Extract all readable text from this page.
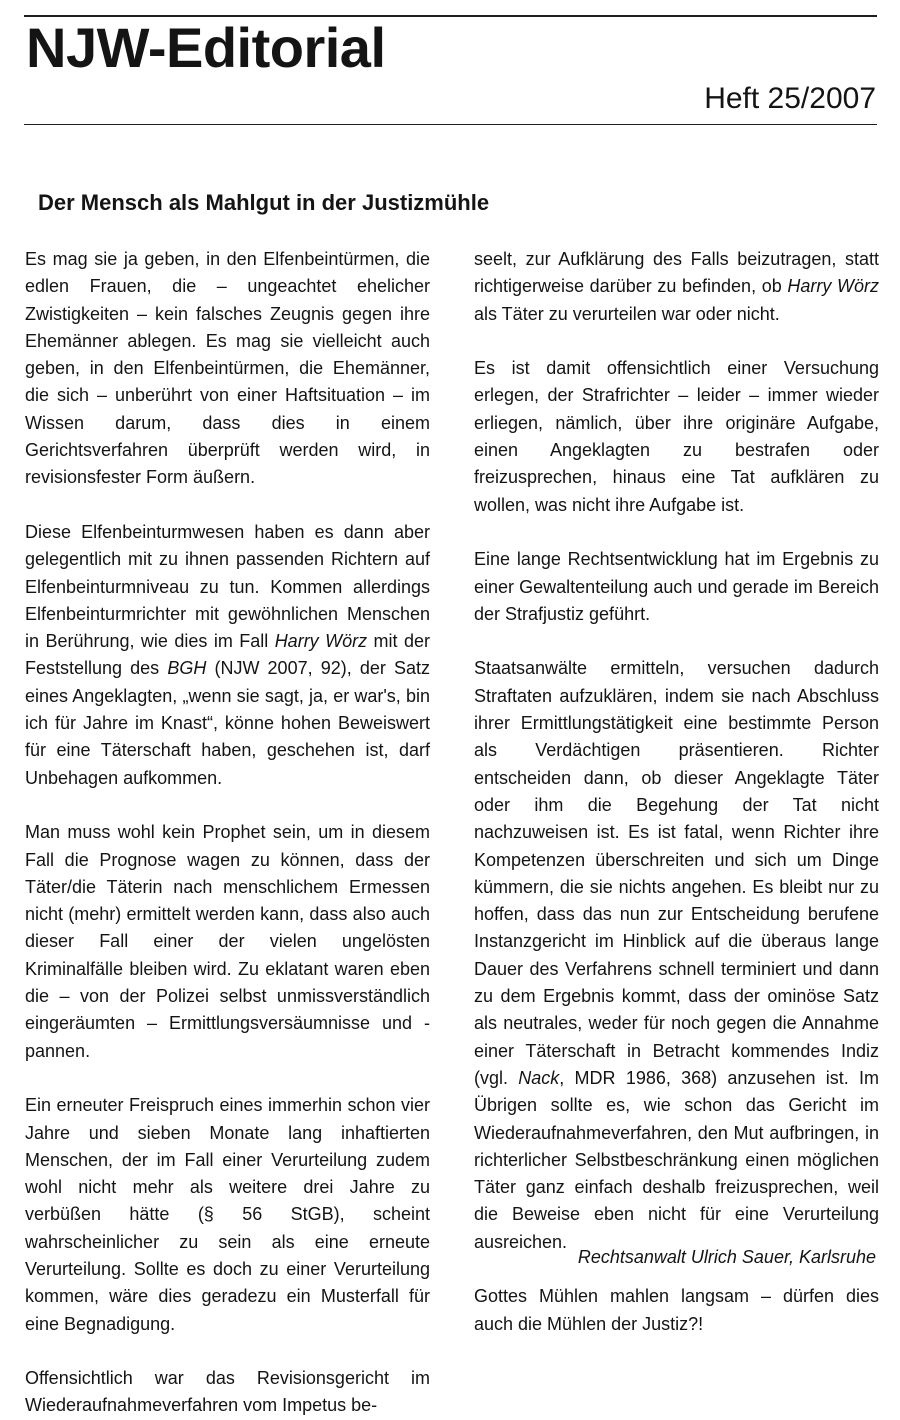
NJW-Editorial
Heft 25/2007
Der Mensch als Mahlgut in der Justizmühle

Es mag sie ja geben, in den Elfenbeintürmen, die edlen Frauen, die – ungeachtet ehelicher Zwistigkeiten – kein falsches Zeugnis gegen ihre Ehemänner ablegen. Es mag sie vielleicht auch geben, in den Elfenbeintürmen, die Ehemänner, die sich – unberührt von einer Haftsituation – im Wissen darum, dass dies in einem Gerichtsverfahren überprüft werden wird, in revisionsfester Form äußern.

Diese Elfenbeinturmwesen haben es dann aber gelegentlich mit zu ihnen passenden Richtern auf Elfenbeinturmniveau zu tun. Kommen allerdings Elfenbeinturmrichter mit gewöhnlichen Menschen in Berührung, wie dies im Fall Harry Wörz mit der Feststellung des BGH (NJW 2007, 92), der Satz eines Angeklagten, „wenn sie sagt, ja, er war's, bin ich für Jahre im Knast“, könne hohen Beweiswert für eine Täterschaft haben, geschehen ist, darf Unbehagen aufkommen.

Man muss wohl kein Prophet sein, um in diesem Fall die Prognose wagen zu können, dass der Täter/die Täterin nach menschlichem Ermessen nicht (mehr) ermittelt werden kann, dass also auch dieser Fall einer der vielen ungelösten Kriminalfälle bleiben wird. Zu eklatant waren eben die – von der Polizei selbst unmissverständlich eingeräumten – Ermittlungsversäumnisse und -pannen.

Ein erneuter Freispruch eines immerhin schon vier Jahre und sieben Monate lang inhaftierten Menschen, der im Fall einer Verurteilung zudem wohl nicht mehr als weitere drei Jahre zu verbüßen hätte (§ 56 StGB), scheint wahrscheinlicher zu sein als eine erneute Verurteilung. Sollte es doch zu einer Verurteilung kommen, wäre dies geradezu ein Musterfall für eine Begnadigung.

Offensichtlich war das Revisionsgericht im Wiederaufnahmeverfahren vom Impetus be-

seelt, zur Aufklärung des Falls beizutragen, statt richtigerweise darüber zu befinden, ob Harry Wörz als Täter zu verurteilen war oder nicht.

Es ist damit offensichtlich einer Versuchung erlegen, der Strafrichter – leider – immer wieder erliegen, nämlich, über ihre originäre Aufgabe, einen Angeklagten zu bestrafen oder freizusprechen, hinaus eine Tat aufklären zu wollen, was nicht ihre Aufgabe ist.

Eine lange Rechtsentwicklung hat im Ergebnis zu einer Gewaltenteilung auch und gerade im Bereich der Strafjustiz geführt.

Staatsanwälte ermitteln, versuchen dadurch Straftaten aufzuklären, indem sie nach Abschluss ihrer Ermittlungstätigkeit eine bestimmte Person als Verdächtigen präsentieren. Richter entscheiden dann, ob dieser Angeklagte Täter oder ihm die Begehung der Tat nicht nachzuweisen ist. Es ist fatal, wenn Richter ihre Kompetenzen überschreiten und sich um Dinge kümmern, die sie nichts angehen. Es bleibt nur zu hoffen, dass das nun zur Entscheidung berufene Instanzgericht im Hinblick auf die überaus lange Dauer des Verfahrens schnell terminiert und dann zu dem Ergebnis kommt, dass der ominöse Satz als neutrales, weder für noch gegen die Annahme einer Täterschaft in Betracht kommendes Indiz (vgl. Nack, MDR 1986, 368) anzusehen ist. Im Übrigen sollte es, wie schon das Gericht im Wiederaufnahmeverfahren, den Mut aufbringen, in richterlicher Selbstbeschränkung einen möglichen Täter ganz einfach deshalb freizusprechen, weil die Beweise eben nicht für eine Verurteilung ausreichen.

Gottes Mühlen mahlen langsam – dürfen dies auch die Mühlen der Justiz?!

Rechtsanwalt Ulrich Sauer, Karlsruhe
